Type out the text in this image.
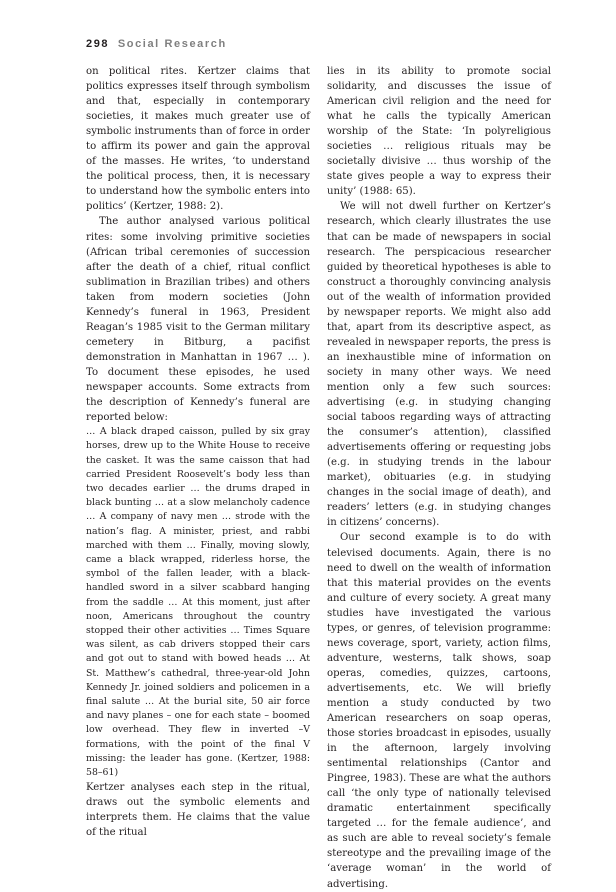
298 Social Research

on political rites. Kertzer claims that politics expresses itself through symbolism and that, especially in contemporary societies, it makes much greater use of symbolic instruments than of force in order to affirm its power and gain the approval of the masses. He writes, ‘to understand the political process, then, it is necessary to understand how the symbolic enters into politics’ (Kertzer, 1988: 2).

The author analysed various political rites: some involving primitive societies (African tribal ceremonies of succession after the death of a chief, ritual conflict sublimation in Brazilian tribes) and others taken from modern societies (John Kennedy’s funeral in 1963, President Reagan’s 1985 visit to the German military cemetery in Bitburg, a pacifist demonstration in Manhattan in 1967 … ). To document these episodes, he used newspaper accounts. Some extracts from the description of Kennedy’s funeral are reported below:

… A black draped caisson, pulled by six gray horses, drew up to the White House to receive the casket. It was the same caisson that had carried President Roosevelt’s body less than two decades earlier … the drums draped in black bunting … at a slow melancholy cadence … A company of navy men … strode with the nation’s flag. A minister, priest, and rabbi marched with them … Finally, moving slowly, came a black wrapped, riderless horse, the symbol of the fallen leader, with a black-handled sword in a silver scabbard hanging from the saddle … At this moment, just after noon, Americans throughout the country stopped their other activities … Times Square was silent, as cab drivers stopped their cars and got out to stand with bowed heads … At St. Matthew’s cathedral, three-year-old John Kennedy Jr. joined soldiers and policemen in a final salute … At the burial site, 50 air force and navy planes – one for each state – boomed low overhead. They flew in inverted –V formations, with the point of the final V missing: the leader has gone. (Kertzer, 1988: 58–61)

Kertzer analyses each step in the ritual, draws out the symbolic elements and interprets them. He claims that the value of the ritual

lies in its ability to promote social solidarity, and discusses the issue of American civil religion and the need for what he calls the typically American worship of the State: ‘In polyreligious societies … religious rituals may be societally divisive … thus worship of the state gives people a way to express their unity’ (1988: 65).

We will not dwell further on Kertzer’s research, which clearly illustrates the use that can be made of newspapers in social research. The perspicacious researcher guided by theoretical hypotheses is able to construct a thoroughly convincing analysis out of the wealth of information provided by newspaper reports. We might also add that, apart from its descriptive aspect, as revealed in newspaper reports, the press is an inexhaustible mine of information on society in many other ways. We need mention only a few such sources: advertising (e.g. in studying changing social taboos regarding ways of attracting the consumer’s attention), classified advertisements offering or requesting jobs (e.g. in studying trends in the labour market), obituaries (e.g. in studying changes in the social image of death), and readers’ letters (e.g. in studying changes in citizens’ concerns).

Our second example is to do with televised documents. Again, there is no need to dwell on the wealth of information that this material provides on the events and culture of every society. A great many studies have investigated the various types, or genres, of television programme: news coverage, sport, variety, action films, adventure, westerns, talk shows, soap operas, comedies, quizzes, cartoons, advertisements, etc. We will briefly mention a study conducted by two American researchers on soap operas, those stories broadcast in episodes, usually in the afternoon, largely involving sentimental relationships (Cantor and Pingree, 1983). These are what the authors call ‘the only type of nationally televised dramatic entertainment specifically targeted … for the female audience’, and as such are able to reveal society’s female stereotype and the prevailing image of the ‘average woman’ in the world of advertising.
